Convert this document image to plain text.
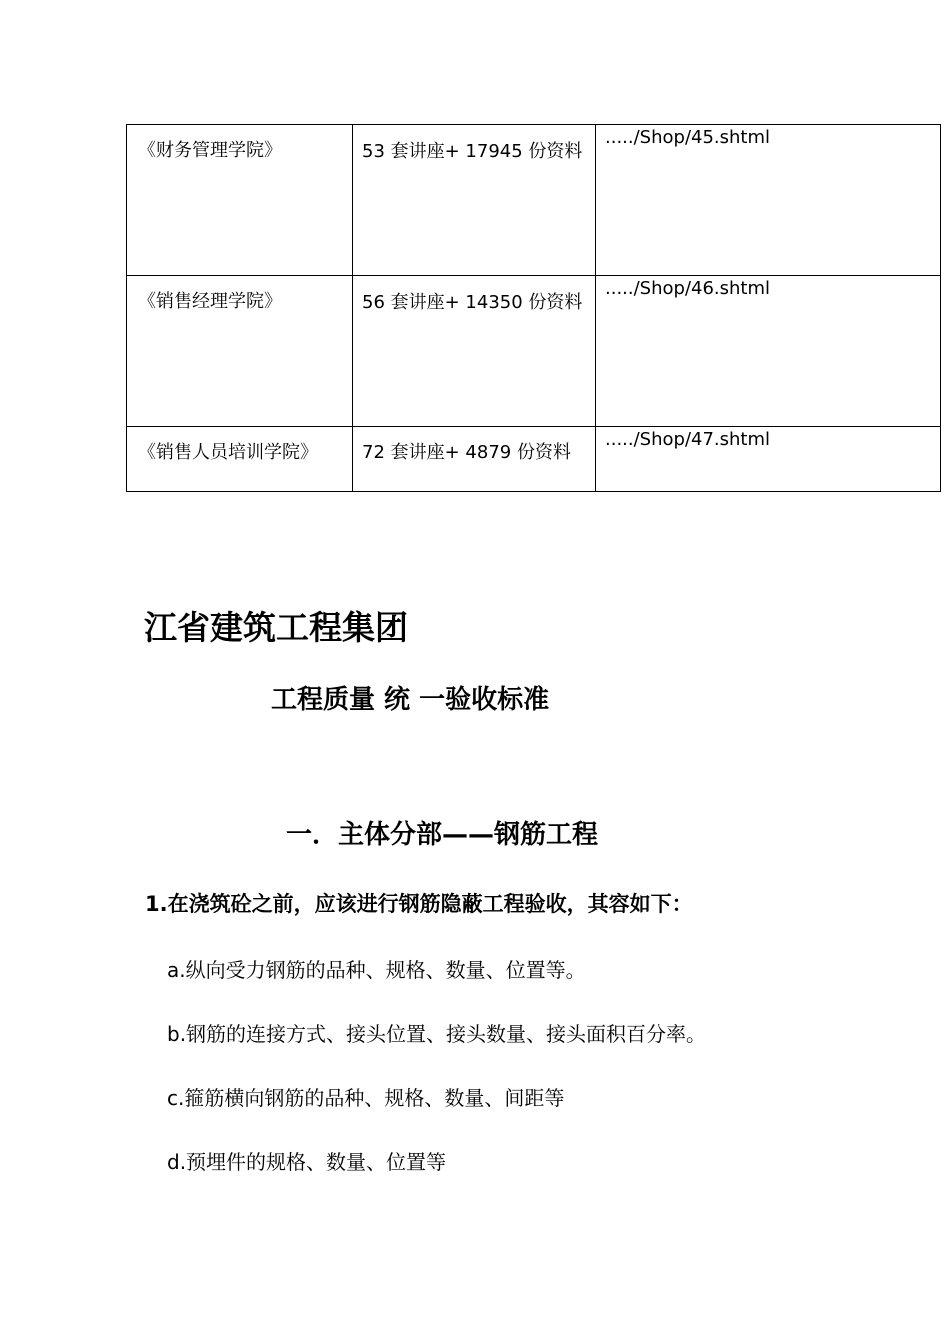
《财务管理学院》	53 套讲座+ 17945 份资料	...../Shop/45.shtml

《销售经理学院》	56 套讲座+ 14350 份资料	...../Shop/46.shtml

《销售人员培训学院》	72 套讲座+ 4879 份资料	...../Shop/47.shtml
江省建筑工程集团
工程质量 统 一验收标准
一．主体分部——钢筋工程

1.在浇筑砼之前，应该进行钢筋隐蔽工程验收，其容如下：

a.纵向受力钢筋的品种、规格、数量、位置等。

b.钢筋的连接方式、接头位置、接头数量、接头面积百分率。

c.箍筋横向钢筋的品种、规格、数量、间距等

d.预埋件的规格、数量、位置等
